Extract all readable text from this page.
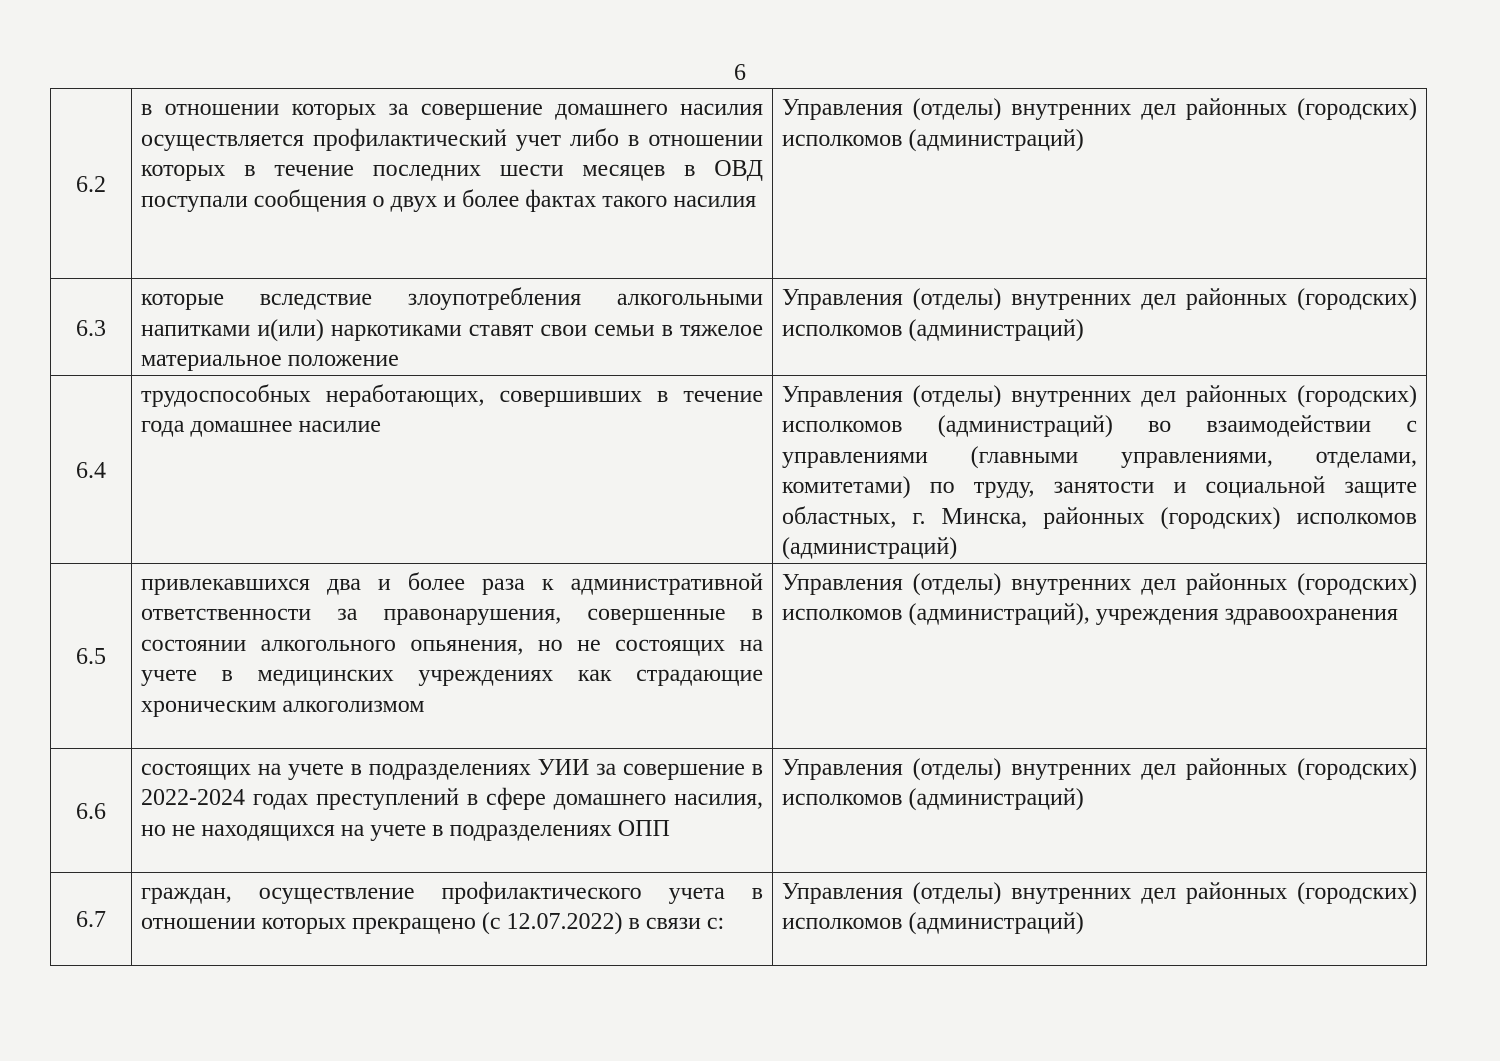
6
6.2	в отношении которых за совершение домашнего насилия осуществляется профилактический учет либо в отношении которых в течение последних шести месяцев в ОВД поступали сообщения о двух и более фактах такого насилия	Управления (отделы) внутренних дел районных (городских) исполкомов (администраций)

6.3	которые вследствие злоупотребления алкогольными напитками и(или) наркотиками ставят свои семьи в тяжелое материальное положение	Управления (отделы) внутренних дел районных (городских) исполкомов (администраций)

6.4	трудоспособных неработающих, совершивших в течение года домашнее насилие	Управления (отделы) внутренних дел районных (городских) исполкомов (администраций) во взаимодействии с управлениями (главными управлениями, отделами, комитетами) по труду, занятости и социальной защите областных, г. Минска, районных (городских) исполкомов (администраций)

6.5	привлекавшихся два и более раза к административной ответственности за правонарушения, совершенные в состоянии алкогольного опьянения, но не состоящих на учете в медицинских учреждениях как страдающие хроническим алкоголизмом	Управления (отделы) внутренних дел районных (городских) исполкомов (администраций), учреждения здравоохранения

6.6	состоящих на учете в подразделениях УИИ за совершение в 2022-2024 годах преступлений в сфере домашнего насилия, но не находящихся на учете в подразделениях ОПП	Управления (отделы) внутренних дел районных (городских) исполкомов (администраций)

6.7	граждан, осуществление профилактического учета в отношении которых прекращено (с 12.07.2022) в связи с:	Управления (отделы) внутренних дел районных (городских) исполкомов (администраций)
